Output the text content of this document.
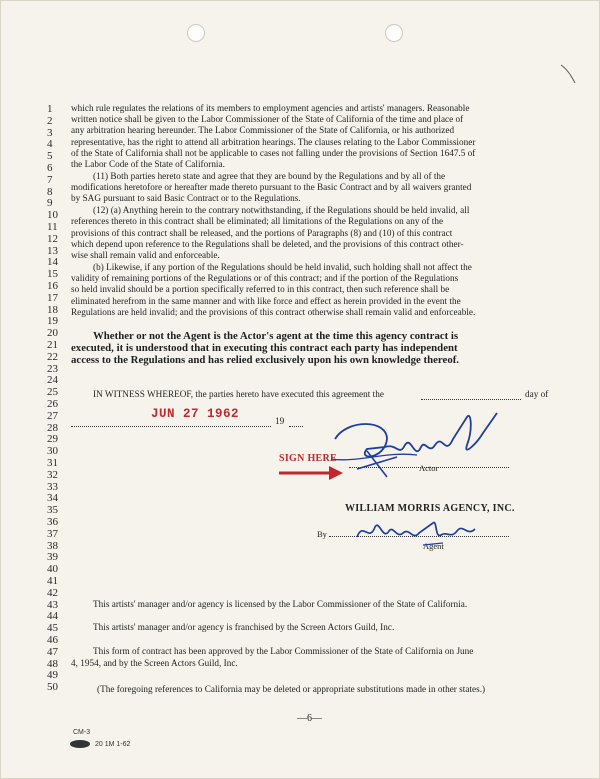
1
2
3
4
5
6
7
8
9
10
11
12
13
14
15
16
17
18
19
20
21
22
23
24
25
26
27
28
29
30
31
32
33
34
35
36
37
38
39
40
41
42
43
44
45
46
47
48
49
50
which rule regulates the relations of its members to employment agencies and artists' managers. Reasonable
written notice shall be given to the Labor Commissioner of the State of California of the time and place of
any arbitration hearing hereunder. The Labor Commissioner of the State of California, or his authorized
representative, has the right to attend all arbitration hearings. The clauses relating to the Labor Commissioner
of the State of California shall not be applicable to cases not falling under the provisions of Section 1647.5 of
the Labor Code of the State of California.
(11) Both parties hereto state and agree that they are bound by the Regulations and by all of the
modifications heretofore or hereafter made thereto pursuant to the Basic Contract and by all waivers granted
by SAG pursuant to said Basic Contract or to the Regulations.
(12) (a) Anything herein to the contrary notwithstanding, if the Regulations should be held invalid, all
references thereto in this contract shall be eliminated; all limitations of the Regulations on any of the
provisions of this contract shall be released, and the portions of Paragraphs (8) and (10) of this contract
which depend upon reference to the Regulations shall be deleted, and the provisions of this contract other-
wise shall remain valid and enforceable.
(b) Likewise, if any portion of the Regulations should be held invalid, such holding shall not affect the
validity of remaining portions of the Regulations or of this contract; and if the portion of the Regulations
so held invalid should be a portion specifically referred to in this contract, then such reference shall be
eliminated herefrom in the same manner and with like force and effect as herein provided in the event the
Regulations are held invalid; and the provisions of this contract otherwise shall remain valid and enforceable.
Whether or not the Agent is the Actor's agent at the time this agency contract is
executed, it is understood that in executing this contract each party has independent
access to the Regulations and has relied exclusively upon his own knowledge thereof.
IN WITNESS WHEREOF, the parties hereto have executed this agreement the	day of
JUN 27 1962	19
SIGN HERE
Actor
WILLIAM MORRIS AGENCY, INC.
By
Agent
This artists' manager and/or agency is licensed by the Labor Commissioner of the State of California.
This artists' manager and/or agency is franchised by the Screen Actors Guild, Inc.
This form of contract has been approved by the Labor Commissioner of the State of California on June
4, 1954, and by the Screen Actors Guild, Inc.
(The foregoing references to California may be deleted or appropriate substitutions made in other states.)
—6—
CM-3
20 1M 1-62
